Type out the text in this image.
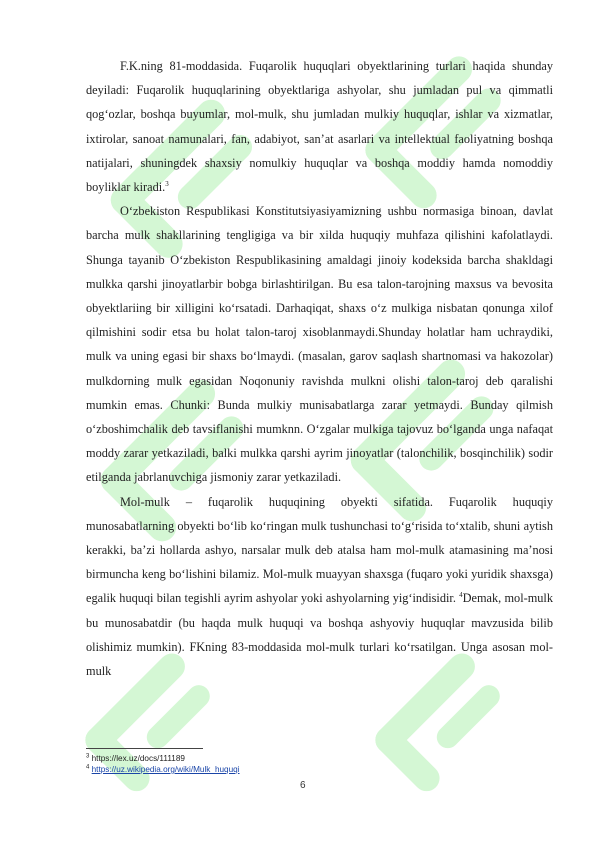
F.K.ning 81-moddasida. Fuqarolik huquqlari obyektlarining turlari haqida shunday deyiladi: Fuqarolik huquqlarining obyektlariga ashyolar, shu jumladan pul va qimmatli qog‘ozlar, boshqa buyumlar, mol-mulk, shu jumladan mulkiy huquqlar, ishlar va xizmatlar, ixtirolar, sanoat namunalari, fan, adabiyot, san’at asarlari va intellektual faoliyatning boshqa natijalari, shuningdek shaxsiy nomulkiy huquqlar va boshqa moddiy hamda nomoddiy boyliklar kiradi.$^3$

O‘zbekiston Respublikasi Konstitutsiyasiyamizning ushbu normasiga binoan, davlat barcha mulk shakllarining tengligiga va bir xilda huquqiy muhfaza qilishini kafolatlaydi. Shunga tayanib O‘zbekiston Respublikasining amaldagi jinoiy kodeksida barcha shakldagi mulkka qarshi jinoyatlarbir bobga birlashtirilgan. Bu esa talon-tarojning maxsus va bevosita obyektlariing bir xilligini ko‘rsatadi. Darhaqiqat, shaxs o‘z mulkiga nisbatan qonunga xilof qilmishini sodir etsa bu holat talon-taroj xisoblanmaydi.Shunday holatlar ham uchraydiki, mulk va uning egasi bir shaxs bo‘lmaydi. (masalan, garov saqlash shartnomasi va hakozolar) mulkdorning mulk egasidan Noqonuniy ravishda mulkni olishi talon-taroj deb qaralishi mumkin emas. Chunki: Bunda mulkiy munisabatlarga zarar yetmaydi. Bunday qilmish o‘zboshimchalik deb tavsiflanishi mumknn. O‘zgalar mulkiga tajovuz bo‘lganda unga nafaqat moddy zarar yetkaziladi, balki mulkka qarshi ayrim jinoyatlar (talonchilik, bosqinchilik) sodir etilganda jabrlanuvchiga jismoniy zarar yetkaziladi.

Mol-mulk – fuqarolik huquqining obyekti sifatida. Fuqarolik huquqiy munosabatlarning obyekti bo‘lib ko‘ringan mulk tushunchasi to‘g‘risida to‘xtalib, shuni aytish kerakki, ba’zi hollarda ashyo, narsalar mulk deb atalsa ham mol-mulk atamasining ma’nosi birmuncha keng bo‘lishini bilamiz. Mol-mulk muayyan shaxsga (fuqaro yoki yuridik shaxsga) egalik huquqi bilan tegishli ayrim ashyolar yoki ashyolarning yig‘indisidir. $^4$Demak, mol-mulk bu munosabatdir (bu haqda mulk huquqi va boshqa ashyoviy huquqlar mavzusida bilib olishimiz mumkin). FKning 83-moddasida mol-mulk turlari ko‘rsatilgan. Unga asosan mol-mulk

$^3$ https://lex.uz/docs/111189
$^4$ https://uz.wikipedia.org/wiki/Mulk_huquqi
6
